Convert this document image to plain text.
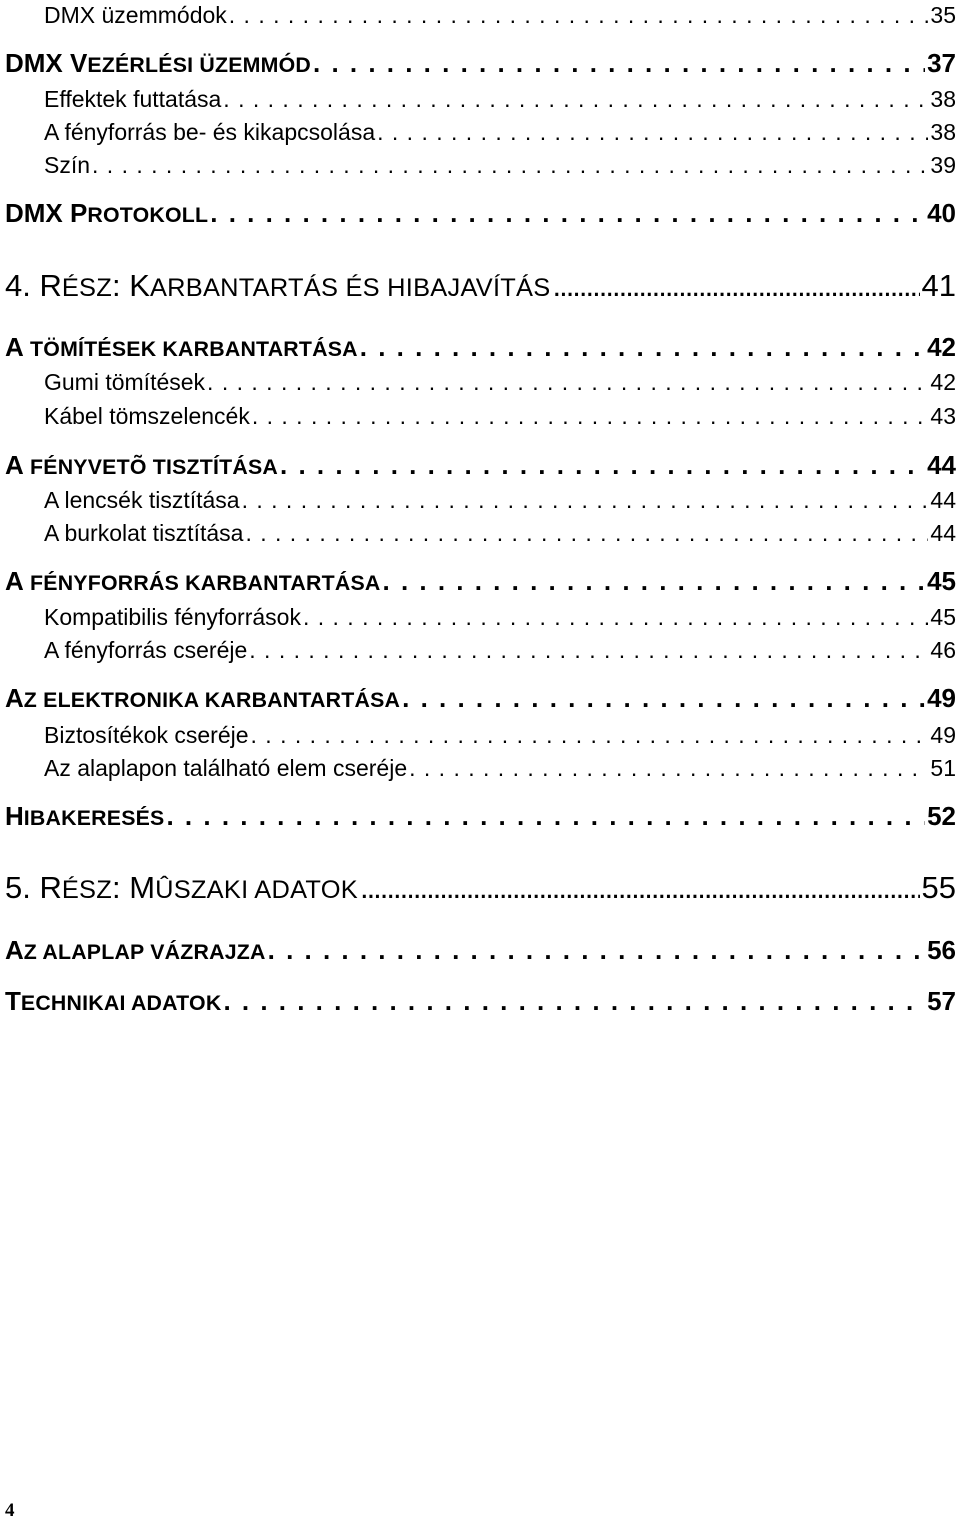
DMX üzemmódok . . .	35
DMX VEZÉRLÉSI ÜZEMMÓD . . .	37
Effektek futtatása . . .	38
A fényforrás be- és kikapcsolása . . .	38
Szín . . .	39
DMX PROTOKOLL . . .	40
4. RÉSZ: KARBANTARTÁS ÉS HIBAJAVÍTÁS .....	41
A TÖMÍTÉSEK KARBANTARTÁSA . . .	42
Gumi tömítések . . .	42
Kábel tömszelencék . . .	43
A FÉNYVETÕ TISZTÍTÁSA . . .	44
A lencsék tisztítása . . .	44
A burkolat tisztítása . . .	44
A FÉNYFORRÁS KARBANTARTÁSA . . .	45
Kompatibilis fényforrások . . .	45
A fényforrás cseréje . . .	46
AZ ELEKTRONIKA KARBANTARTÁSA . . .	49
Biztosítékok cseréje . . .	49
Az alaplapon található elem cseréje . . .	51
HIBAKERESÉS . . .	52
5. RÉSZ: MÛSZAKI ADATOK .....	55
AZ ALAPLAP VÁZRAJZA . . .	56
TECHNIKAI ADATOK . . .	57
4
